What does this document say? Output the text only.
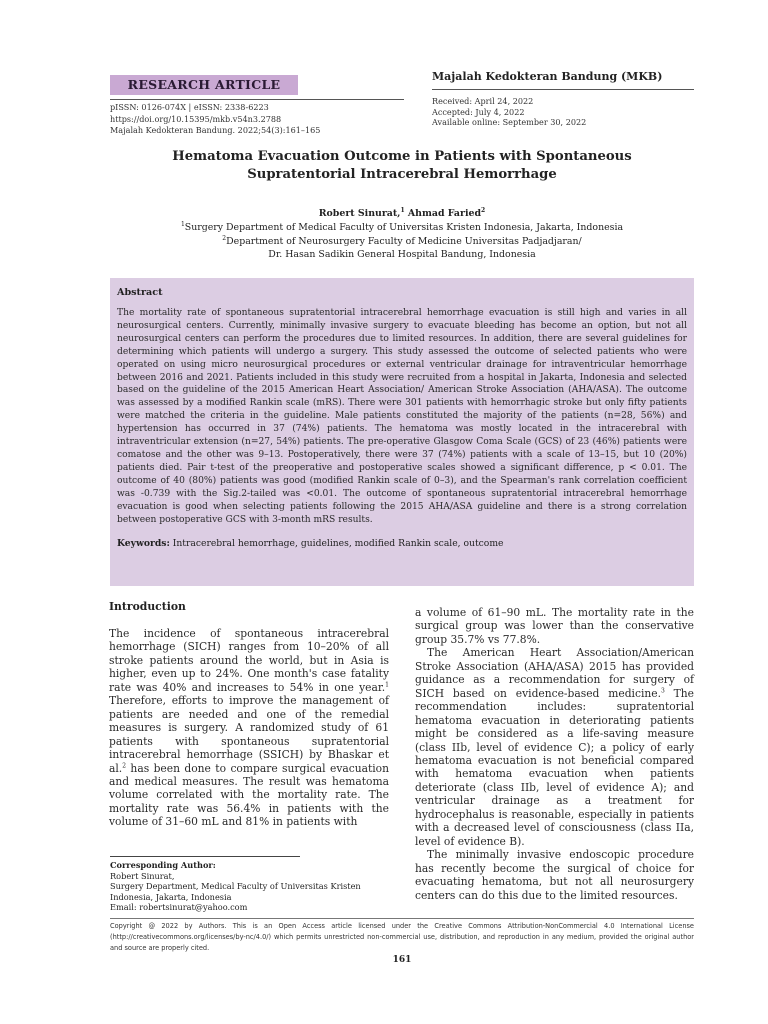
RESEARCH ARTICLE
Majalah Kedokteran Bandung (MKB)
pISSN: 0126-074X | eISSN: 2338-6223
https://doi.org/10.15395/mkb.v54n3.2788
Majalah Kedokteran Bandung. 2022;54(3):161–165
Received: April 24, 2022
Accepted: July 4, 2022
Available online: September 30, 2022
Hematoma Evacuation Outcome in Patients with Spontaneous
Supratentorial Intracerebral Hemorrhage
Robert Sinurat,$^1$ Ahmad Faried$^2$
$^1$Surgery Department of Medical Faculty of Universitas Kristen Indonesia, Jakarta, Indonesia
$^2$Department of Neurosurgery Faculty of Medicine Universitas Padjadjaran/
Dr. Hasan Sadikin General Hospital Bandung, Indonesia

Abstract

The mortality rate of spontaneous supratentorial intracerebral hemorrhage evacuation is still high and varies in all neurosurgical centers. Currently, minimally invasive surgery to evacuate bleeding has become an option, but not all neurosurgical centers can perform the procedures due to limited resources. In addition, there are several guidelines for determining which patients will undergo a surgery. This study assessed the outcome of selected patients who were operated on using micro neurosurgical procedures or external ventricular drainage for intraventricular hemorrhage between 2016 and 2021. Patients included in this study were recruited from a hospital in Jakarta, Indonesia and selected based on the guideline of the 2015 American Heart Association/ American Stroke Association (AHA/ASA). The outcome was assessed by a modified Rankin scale (mRS). There were 301 patients with hemorrhagic stroke but only fifty patients were matched the criteria in the guideline. Male patients constituted the majority of the patients (n=28, 56%) and hypertension has occurred in 37 (74%) patients. The hematoma was mostly located in the intracerebral with intraventricular extension (n=27, 54%) patients. The pre-operative Glasgow Coma Scale (GCS) of 23 (46%) patients were comatose and the other was 9–13. Postoperatively, there were 37 (74%) patients with a scale of 13–15, but 10 (20%) patients died. Pair t-test of the preoperative and postoperative scales showed a significant difference, p < 0.01. The outcome of 40 (80%) patients was good (modified Rankin scale of 0–3), and the Spearman's rank correlation coefficient was -0.739 with the Sig.2-tailed was <0.01. The outcome of spontaneous supratentorial intracerebral hemorrhage evacuation is good when selecting patients following the 2015 AHA/ASA guideline and there is a strong correlation between postoperative GCS with 3-month mRS results.

Keywords: Intracerebral hemorrhage, guidelines, modified Rankin scale, outcome

Introduction

The incidence of spontaneous intracerebral hemorrhage (SICH) ranges from 10–20% of all stroke patients around the world, but in Asia is higher, even up to 24%. One month's case fatality rate was 40% and increases to 54% in one year.$^1$ Therefore, efforts to improve the management of patients are needed and one of the remedial measures is surgery. A randomized study of 61 patients with spontaneous supratentorial intracerebral hemorrhage (SSICH) by Bhaskar et al.$^2$ has been done to compare surgical evacuation and medical measures. The result was hematoma volume correlated with the mortality rate. The mortality rate was 56.4% in patients with the volume of 31–60 mL and 81% in patients with

a volume of 61–90 mL. The mortality rate in the surgical group was lower than the conservative group 35.7% vs 77.8%.

The American Heart Association/American Stroke Association (AHA/ASA) 2015 has provided guidance as a recommendation for surgery of SICH based on evidence-based medicine.$^3$ The recommendation includes: supratentorial hematoma evacuation in deteriorating patients might be considered as a life-saving measure (class IIb, level of evidence C); a policy of early hematoma evacuation is not beneficial compared with hematoma evacuation when patients deteriorate (class IIb, level of evidence A); and ventricular drainage as a treatment for hydrocephalus is reasonable, especially in patients with a decreased level of consciousness (class IIa, level of evidence B).

The minimally invasive endoscopic procedure has recently become the surgical of choice for evacuating hematoma, but not all neurosurgery centers can do this due to the limited resources.

Corresponding Author:
Robert Sinurat,
Surgery Department, Medical Faculty of Universitas Kristen
Indonesia, Jakarta, Indonesia
Email: robertsinurat@yahoo.com
Copyright @ 2022 by Authors. This is an Open Access article licensed under the Creative Commons Attribution-NonCommercial 4.0 International License (http://creativecommons.org/licenses/by-nc/4.0/) which permits unrestricted non-commercial use, distribution, and reproduction in any medium, provided the original author and source are properly cited.
161
